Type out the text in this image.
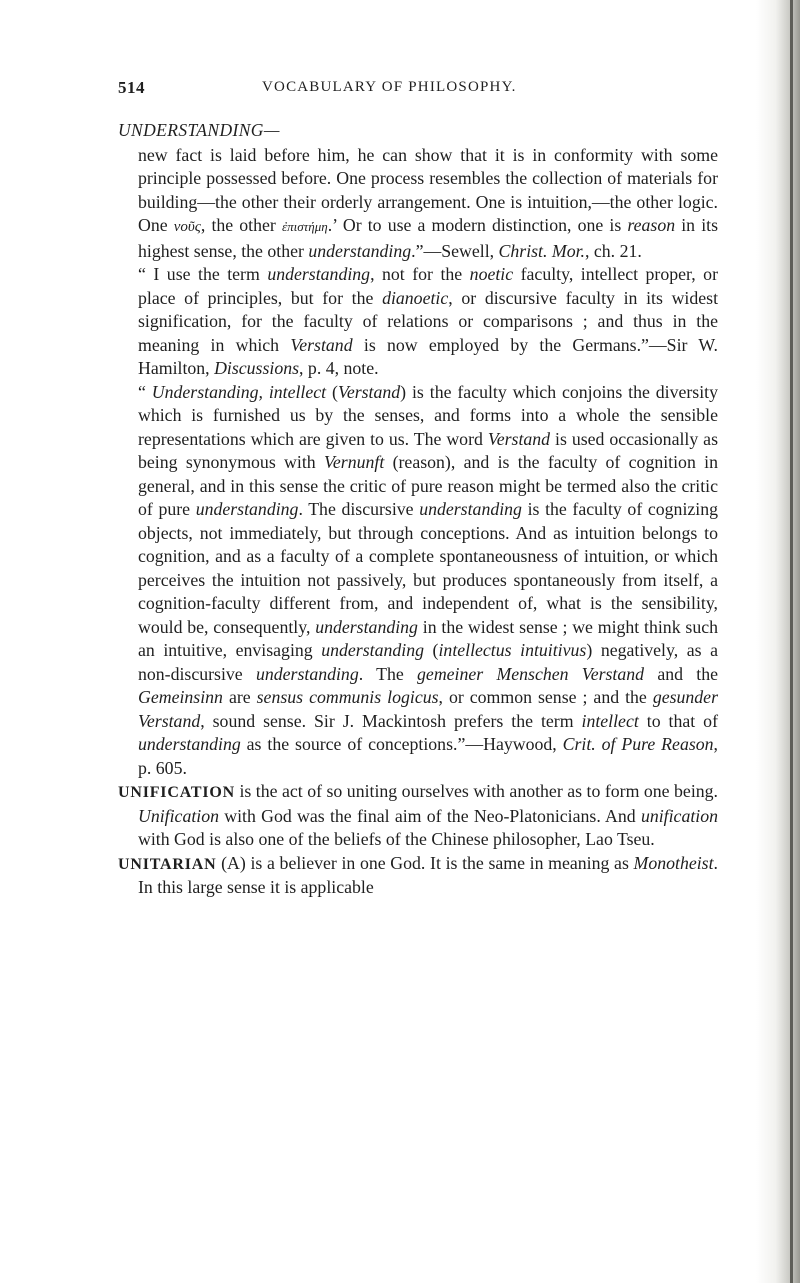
514	VOCABULARY OF PHILOSOPHY.
UNDERSTANDING—

new fact is laid before him, he can show that it is in conformity with some principle possessed before. One process resembles the collection of materials for building—the other their orderly arrangement. One is intuition,—the other logic. One νοῦς, the other ἐπιστήμη.’ Or to use a modern distinction, one is reason in its highest sense, the other understanding.”—Sewell, Christ. Mor., ch. 21.

“ I use the term understanding, not for the noetic faculty, intellect proper, or place of principles, but for the dianoetic, or discursive faculty in its widest signification, for the faculty of relations or comparisons ; and thus in the meaning in which Verstand is now employed by the Germans.”—Sir W. Hamilton, Discussions, p. 4, note.

“ Understanding, intellect (Verstand) is the faculty which conjoins the diversity which is furnished us by the senses, and forms into a whole the sensible representations which are given to us. The word Verstand is used occasionally as being synonymous with Vernunft (reason), and is the faculty of cognition in general, and in this sense the critic of pure reason might be termed also the critic of pure understanding. The discursive understanding is the faculty of cognizing objects, not immediately, but through conceptions. And as intuition belongs to cognition, and as a faculty of a complete spontaneousness of intuition, or which perceives the intuition not passively, but produces spontaneously from itself, a cognition-faculty different from, and independent of, what is the sensibility, would be, consequently, understanding in the widest sense ; we might think such an intuitive, envisaging understanding (intellectus intuitivus) negatively, as a non-discursive understanding. The gemeiner Menschen Verstand and the Gemeinsinn are sensus communis logicus, or common sense ; and the gesunder Verstand, sound sense. Sir J. Mackintosh prefers the term intellect to that of understanding as the source of conceptions.”—Haywood, Crit. of Pure Reason, p. 605.

UNIFICATION is the act of so uniting ourselves with another as to form one being. Unification with God was the final aim of the Neo-Platonicians. And unification with God is also one of the beliefs of the Chinese philosopher, Lao Tseu.

UNITARIAN (A) is a believer in one God. It is the same in meaning as Monotheist. In this large sense it is applicable
